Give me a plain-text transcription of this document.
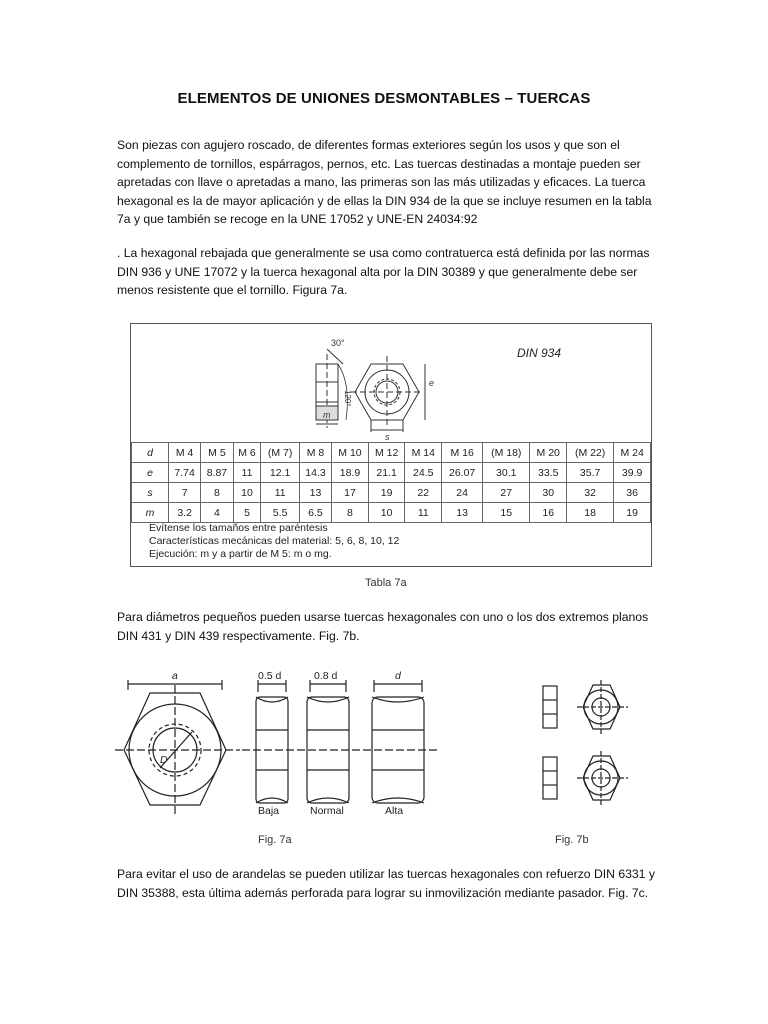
ELEMENTOS DE UNIONES DESMONTABLES – TUERCAS
Son piezas con agujero roscado, de diferentes formas exteriores según los usos y que son el complemento de tornillos, espárragos, pernos, etc. Las tuercas destinadas a montaje pueden ser apretadas con llave o apretadas a mano, las primeras son las más utilizadas y eficaces. La tuerca hexagonal es la de mayor aplicación y de ellas la DIN 934 de la que se incluye resumen en la tabla 7a y que también se recoge en la UNE 17052 y UNE-EN 24034:92
. La hexagonal rebajada que generalmente se usa como contratuerca está definida por las normas DIN 936 y UNE 17072 y la tuerca hexagonal alta por la DIN 30389 y que generalmente debe ser menos resistente que el tornillo. Figura 7a.
30°
120°
m
s
e
DIN 934
d	M 4	M 5	M 6	(M 7)	M 8	M 10	M 12	M 14	M 16	(M 18)	M 20	(M 22)	M 24
e	7.74	8.87	11	12.1	14.3	18.9	21.1	24.5	26.07	30.1	33.5	35.7	39.9
s	7	8	10	11	13	17	19	22	24	27	30	32	36
m	3.2	4	5	5.5	6.5	8	10	11	13	15	16	18	19
Evítense los tamaños entre paréntesis
Características mecánicas del material: 5, 6, 8, 10, 12
Ejecución: m y a partir de M 5: m o mg.
Tabla 7a
Para diámetros pequeños pueden usarse tuercas hexagonales con uno o los dos extremos planos DIN 431 y DIN 439 respectivamente. Fig. 7b.
a	0.5 d	0.8 d	d
D
Baja	Normal	Alta
Fig. 7a	Fig. 7b
Para evitar el uso de arandelas se pueden utilizar las tuercas hexagonales con refuerzo DIN 6331 y DIN 35388, esta última además perforada para lograr su inmovilización mediante pasador. Fig. 7c.
